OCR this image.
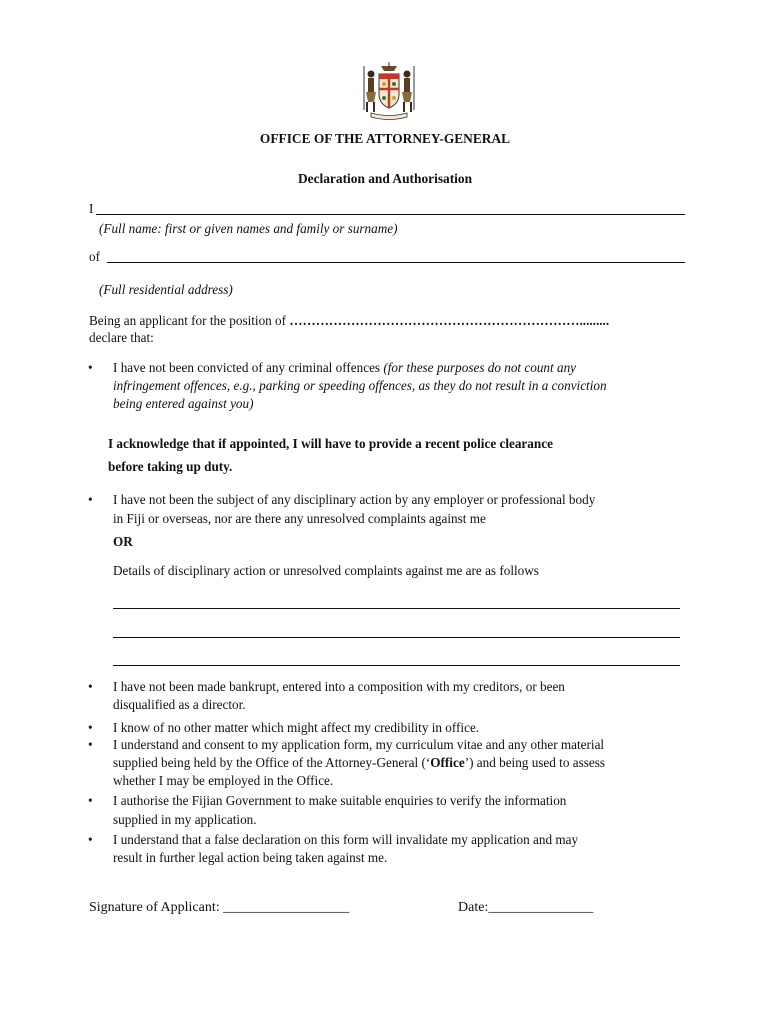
OFFICE OF THE ATTORNEY-GENERAL
Declaration and Authorisation
I
(Full name: first or given names and family or surname)
of
(Full residential address)
Being an applicant for the position of ………………………………………………………….........
declare that:
•	I have not been convicted of any criminal offences (for these purposes do not count any
infringement offences, e.g., parking or speeding offences, as they do not result in a conviction
being entered against you)
I acknowledge that if appointed, I will have to provide a recent police clearance
before taking up duty.
•	I have not been the subject of any disciplinary action by any employer or professional body
in Fiji or overseas, nor are there any unresolved complaints against me
OR
Details of disciplinary action or unresolved complaints against me are as follows
•	I have not been made bankrupt, entered into a composition with my creditors, or been
disqualified as a director.
•	I know of no other matter which might affect my credibility in office.
•	I understand and consent to my application form, my curriculum vitae and any other material
supplied being held by the Office of the Attorney-General (‘Office’) and being used to assess
whether I may be employed in the Office.
•	I authorise the Fijian Government to make suitable enquiries to verify the information
supplied in my application.
•	I understand that a false declaration on this form will invalidate my application and may
result in further legal action being taken against me.
Signature of Applicant: __________________	Date:_______________
